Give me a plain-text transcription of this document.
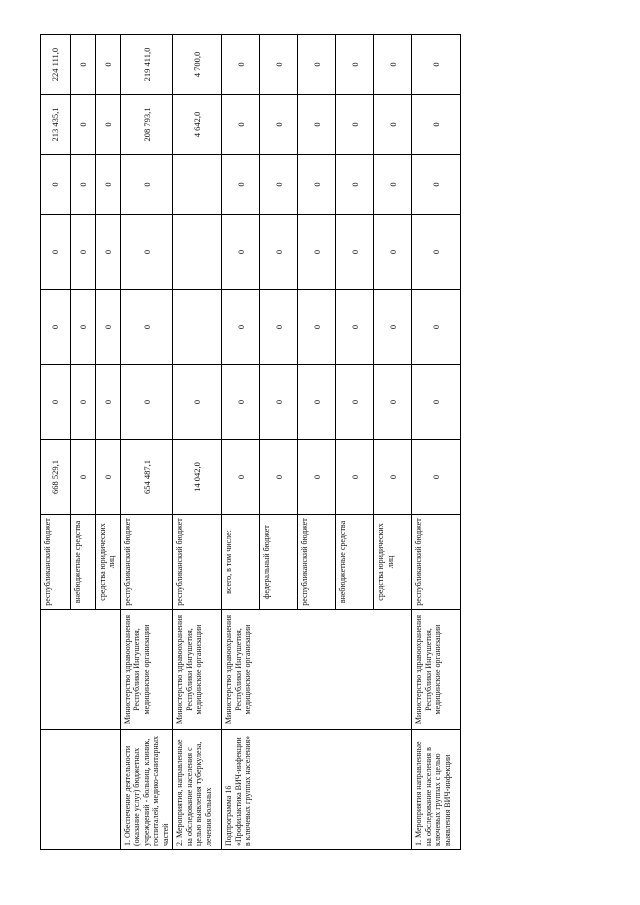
		республиканский бюджет	668 529,1	0	0	0	0	213 435,1	224 111,0
		внебюджетные средства	0	0	0	0	0	0	0
		средства юридических лиц	0	0	0	0	0	0	0
1. Обеспечение деятельности (оказание услуг) бюджетных учреждений - больниц, клиник, госпиталей, медико-санитарных частей	Министерство здравоохранения Республики Ингушетия, медицинские организации	республиканский бюджет	654 487,1	0	0	0	0	208 793,1	219 411,0
2. Мероприятия, направленные на обследование населения с целью выявления туберкулеза, лечения больных	Министерство здравоохранения Республики Ингушетия, медицинские организации	республиканский бюджет	14 042,0	0				4 642,0	4 700,0
Подпрограмма 16 «Профилактика ВИЧ-инфекции в ключевых группах населения»	Министерство здравоохранения Республики Ингушетия, медицинские организации	всего, в том числе:	0	0	0	0	0	0	0
		федеральный бюджет	0	0	0	0	0	0	0
		республиканский бюджет	0	0	0	0	0	0	0
		внебюджетные средства	0	0	0	0	0	0	0
		средства юридических лиц	0	0	0	0	0	0	0
1. Мероприятия направленные на обследование населения в ключевых группах с целью выявления ВИЧ-инфекции	Министерство здравоохранения Республики Ингушетия, медицинские организации	республиканский бюджет	0	0	0	0	0	0	0
